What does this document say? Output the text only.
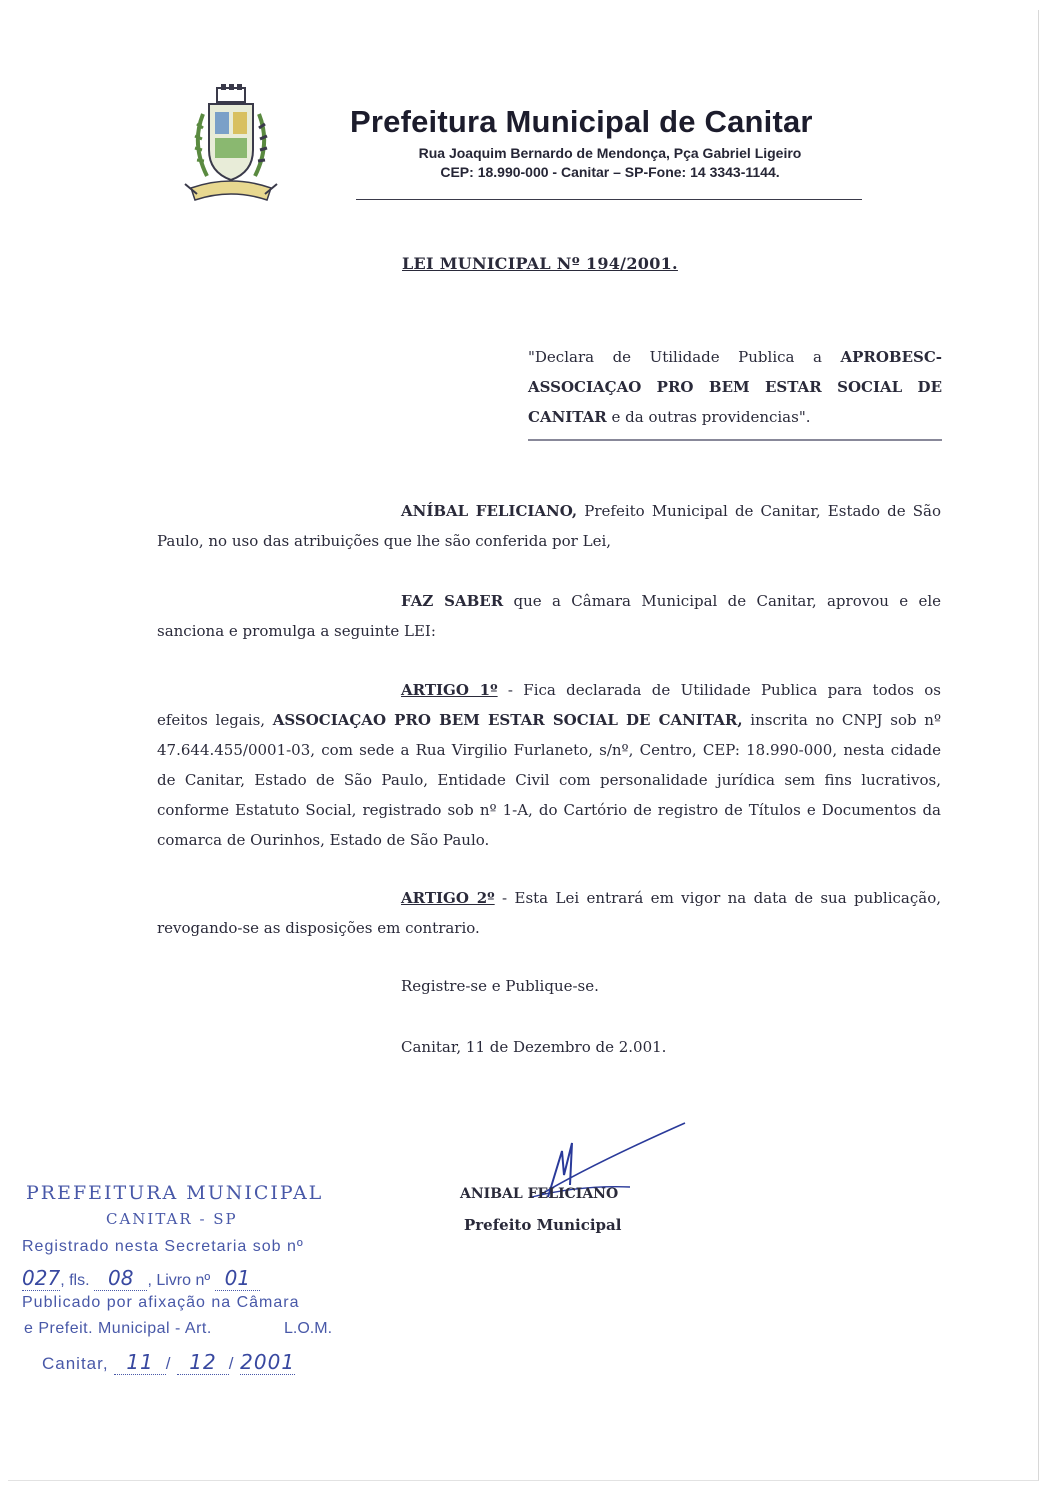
Prefeitura Municipal de Canitar
Rua Joaquim Bernardo de Mendonça, Pça Gabriel Ligeiro
CEP: 18.990-000 - Canitar – SP-Fone: 14 3343-1144.
LEI MUNICIPAL Nº 194/2001.
"Declara de Utilidade Publica a APROBESC-ASSOCIAÇAO PRO BEM ESTAR SOCIAL DE CANITAR e da outras providencias".
ANÍBAL FELICIANO, Prefeito Municipal de Canitar, Estado de São Paulo, no uso das atribuições que lhe são conferida por Lei,
FAZ SABER que a Câmara Municipal de Canitar, aprovou e ele sanciona e promulga a seguinte LEI:
ARTIGO 1º - Fica declarada de Utilidade Publica para todos os efeitos legais, ASSOCIAÇAO PRO BEM ESTAR SOCIAL DE CANITAR, inscrita no CNPJ sob nº 47.644.455/0001-03, com sede a Rua Virgilio Furlaneto, s/nº, Centro, CEP: 18.990-000, nesta cidade de Canitar, Estado de São Paulo, Entidade Civil com personalidade jurídica sem fins lucrativos, conforme Estatuto Social, registrado sob nº 1-A, do Cartório de registro de Títulos e Documentos da comarca de Ourinhos, Estado de São Paulo.
ARTIGO 2º - Esta Lei entrará em vigor na data de sua publicação, revogando-se as disposições em contrario.
Registre-se e Publique-se.
Canitar, 11 de Dezembro de 2.001.
ANIBAL FELICIANO
Prefeito Municipal
PREFEITURA MUNICIPAL
CANITAR - SP
Registrado nesta Secretaria sob nº
027, fls. 08 , Livro nº 01
Publicado por afixação na Câmara
e Prefeit. Municipal - Art.	L.O.M.
Canitar, 11 / 12 / 2001
